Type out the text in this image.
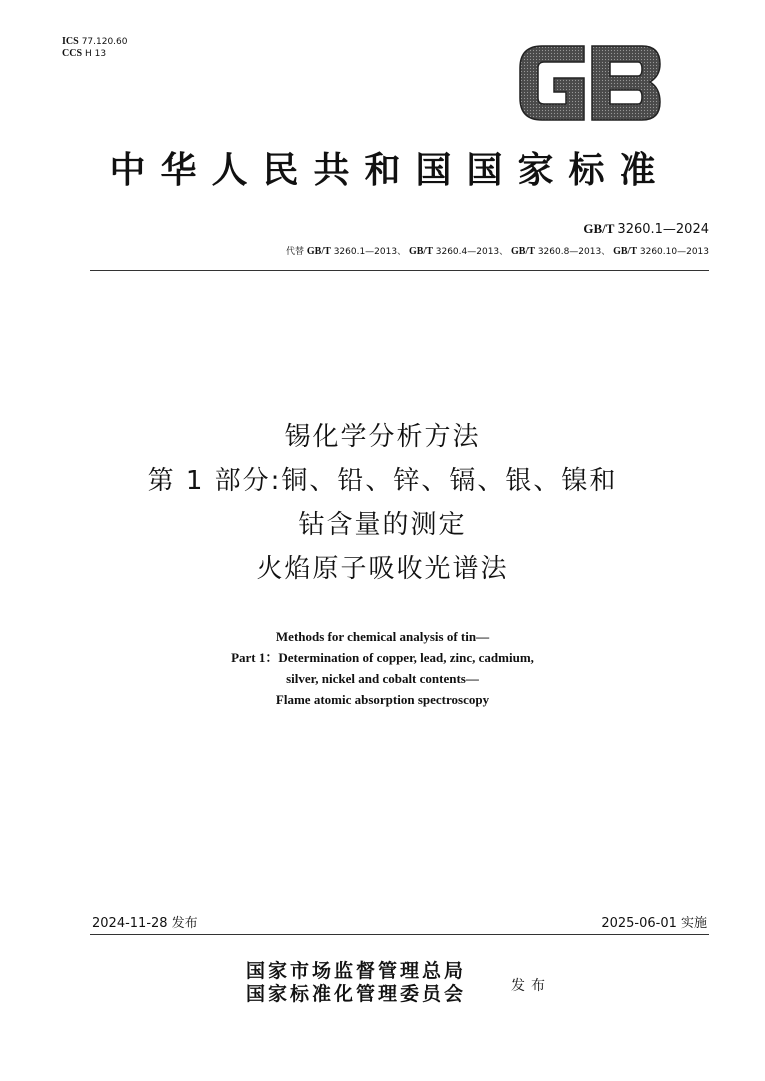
ICS 77.120.60
CCS H 13
GB
中华人民共和国国家标准
GB/T 3260.1—2024
代替 GB/T 3260.1—2013、 GB/T 3260.4—2013、 GB/T 3260.8—2013、 GB/T 3260.10—2013
锡化学分析方法
第 1 部分:铜、铅、锌、镉、银、镍和
钴含量的测定
火焰原子吸收光谱法
Methods for chemical analysis of tin—
Part 1：Determination of copper, lead, zinc, cadmium,
silver, nickel and cobalt contents—
Flame atomic absorption spectroscopy
2024-11-28 发布	2025-06-01 实施
国家市场监督管理总局
国家标准化管理委员会	发布
